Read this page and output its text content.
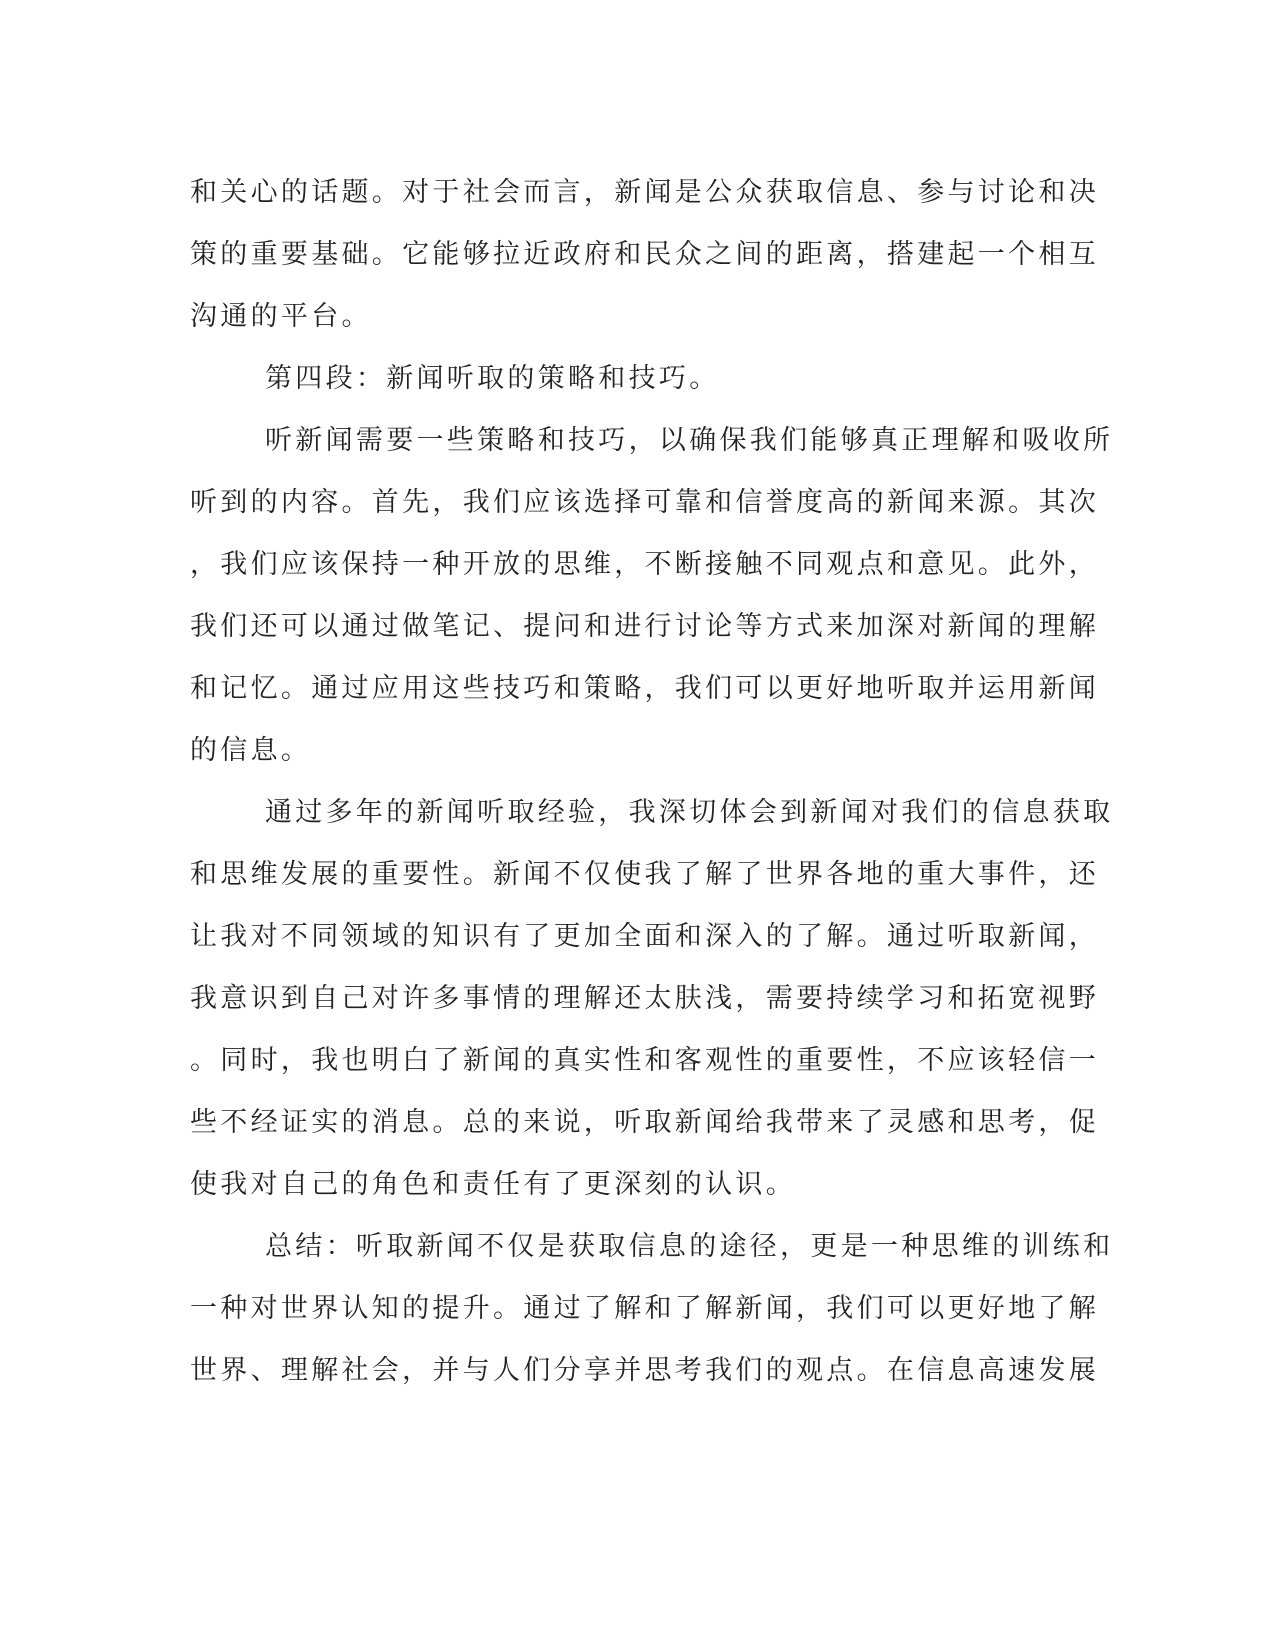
和关心的话题。对于社会而言，新闻是公众获取信息、参与讨论和决
策的重要基础。它能够拉近政府和民众之间的距离，搭建起一个相互
沟通的平台。
第四段：新闻听取的策略和技巧。
听新闻需要一些策略和技巧，以确保我们能够真正理解和吸收所
听到的内容。首先，我们应该选择可靠和信誉度高的新闻来源。其次
，我们应该保持一种开放的思维，不断接触不同观点和意见。此外，
我们还可以通过做笔记、提问和进行讨论等方式来加深对新闻的理解
和记忆。通过应用这些技巧和策略，我们可以更好地听取并运用新闻
的信息。
通过多年的新闻听取经验，我深切体会到新闻对我们的信息获取
和思维发展的重要性。新闻不仅使我了解了世界各地的重大事件，还
让我对不同领域的知识有了更加全面和深入的了解。通过听取新闻，
我意识到自己对许多事情的理解还太肤浅，需要持续学习和拓宽视野
。同时，我也明白了新闻的真实性和客观性的重要性，不应该轻信一
些不经证实的消息。总的来说，听取新闻给我带来了灵感和思考，促
使我对自己的角色和责任有了更深刻的认识。
总结：听取新闻不仅是获取信息的途径，更是一种思维的训练和
一种对世界认知的提升。通过了解和了解新闻，我们可以更好地了解
世界、理解社会，并与人们分享并思考我们的观点。在信息高速发展
